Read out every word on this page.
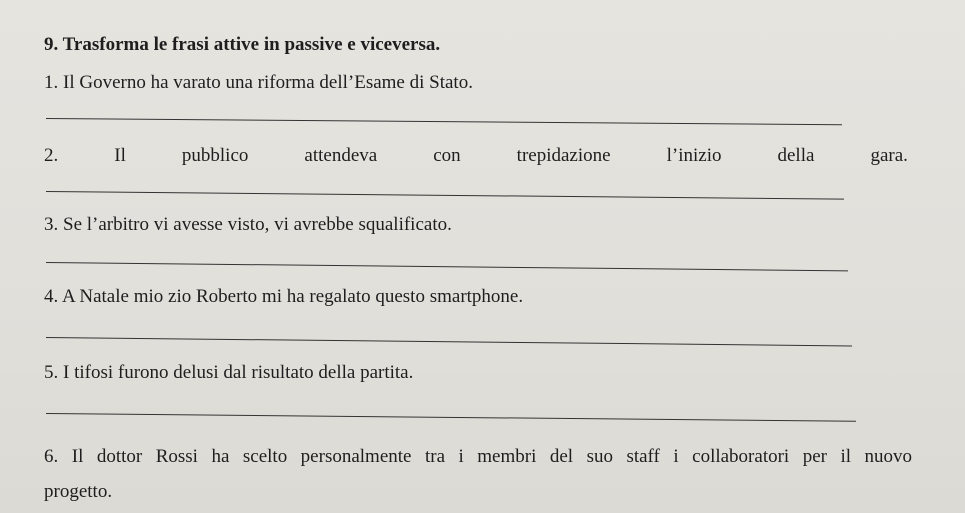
9. Trasforma le frasi attive in passive e viceversa.
1. Il Governo ha varato una riforma dell’Esame di Stato.
2.	Il	pubblico	attendeva	con	trepidazione	l’inizio	della	gara.
3. Se l’arbitro vi avesse visto, vi avrebbe squalificato.
4. A Natale mio zio Roberto mi ha regalato questo smartphone.
5. I tifosi furono delusi dal risultato della partita.
6. Il dottor Rossi ha scelto personalmente tra i membri del suo staff i collaboratori per il nuovo
progetto.
